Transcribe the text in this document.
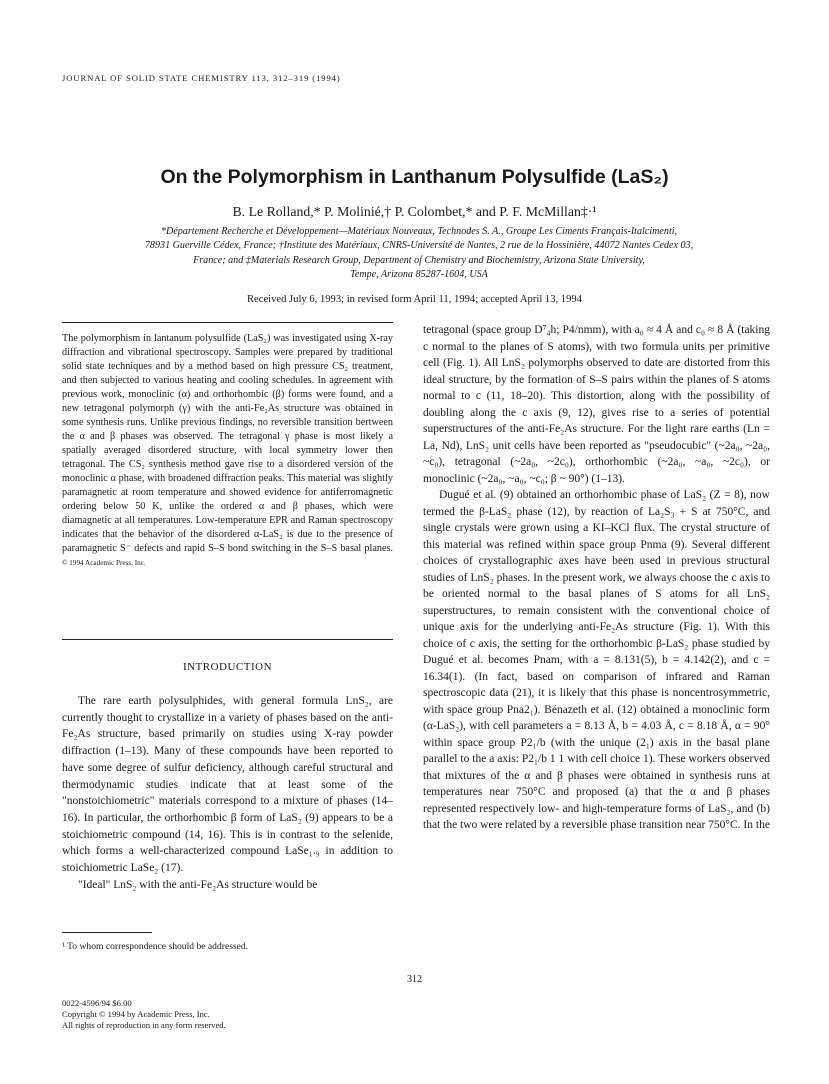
JOURNAL OF SOLID STATE CHEMISTRY 113, 312–319 (1994)
On the Polymorphism in Lanthanum Polysulfide (LaS₂)
B. Le Rolland,* P. Molinié,† P. Colombet,* and P. F. McMillan‡·¹
*Département Recherche et Développement—Matériaux Nouveaux, Technodes S. A., Groupe Les Ciments Français-Italcimenti,
78931 Guerville Cédex, France; †Institute des Matériaux, CNRS-Université de Nantes, 2 rue de la Hossinière, 44072 Nantes Cedex 03,
France; and ‡Materials Research Group, Department of Chemistry and Biochemistry, Arizona State University,
Tempe, Arizona 85287-1604, USA
Received July 6, 1993; in revised form April 11, 1994; accepted April 13, 1994
The polymorphism in lantanum polysulfide (LaS₂) was investigated using X-ray diffraction and vibrational spectroscopy. Samples were prepared by traditional solid state techniques and by a method based on high pressure CS₂ treatment, and then subjected to various heating and cooling schedules. In agreement with previous work, monoclinic (α) and orthorhombic (β) forms were found, and a new tetragonal polymorph (γ) with the anti-Fe₂As structure was obtained in some synthesis runs. Unlike previous findings, no reversible transition bertween the α and β phases was observed. The tetragonal γ phase is most likely a spatially averaged disordered structure, with local symmetry lower then tetragonal. The CS₂ synthesis method gave rise to a disordered version of the monoclinic α phase, with broadened diffraction peaks. This material was slightly paramagnetic at room temperature and showed evidence for antiferromagnetic ordering below 50 K, unlike the ordered α and β phases, which were diamagnetic at all temperatures. Low-temperature EPR and Raman spectroscopy indicates that the behavior of the disordered α-LaS₂ is due to the presence of paramagnetic S⁻ defects and rapid S–S bond switching in the S–S basal planes. © 1994 Academic Press, Inc.
INTRODUCTION

The rare earth polysulphides, with general formula LnS₂, are currently thought to crystallize in a variety of phases based on the anti-Fe₂As structure, based primarily on studies using X-ray powder diffraction (1–13). Many of these compounds have been reported to have some degree of sulfur deficiency, although careful structural and thermodynamic studies indicate that at least some of the "nonstoichiometric" materials correspond to a mixture of phases (14–16). In particular, the orthorhombic β form of LaS₂ (9) appears to be a stoichiometric compound (14, 16). This is in contrast to the selenide, which forms a well-characterized compound LaSe₁.₉ in addition to stoichiometric LaSe₂ (17).

"Ideal" LnS₂ with the anti-Fe₂As structure would be

¹ To whom correspondence should be addressed.

tetragonal (space group D⁷₄h; P4/nmm), with a₀ ≈ 4 Å and c₀ ≈ 8 Å (taking c normal to the planes of S atoms), with two formula units per primitive cell (Fig. 1). All LnS₂ polymorphs observed to date are distorted from this ideal structure, by the formation of S–S pairs within the planes of S atoms normal to c (11, 18–20). This distortion, along with the possibility of doubling along the c axis (9, 12), gives rise to a series of potential superstructures of the anti-Fe₂As structure. For the light rare earths (Ln = La, Nd), LnS₂ unit cells have been reported as "pseudocubic" (~2a₀, ~2a₀, ~c₀), tetragonal (~2a₀, ~2c₀), orthorhombic (~2a₀, ~a₀, ~2c₀), or monoclinic (~2a₀, ~a₀, ~c₀; β ~ 90°) (1–13).

Dugué et al. (9) obtained an orthorhombic phase of LaS₂ (Z = 8), now termed the β-LaS₂ phase (12), by reaction of La₂S₃ + S at 750°C, and single crystals were grown using a KI–KCl flux. The crystal structure of this material was refined within space group Pnma (9). Several different choices of crystallographic axes have been used in previous structural studies of LnS₂ phases. In the present work, we always choose the c axis to be oriented normal to the basal planes of S atoms for all LnS₂ superstructures, to remain consistent with the conventional choice of unique axis for the underlying anti-Fe₂As structure (Fig. 1). With this choice of c axis, the setting for the orthorhombic β-LaS₂ phase studied by Dugué et al. becomes Pnam, with a = 8.131(5), b = 4.142(2), and c = 16.34(1). (In fact, based on comparison of infrared and Raman spectroscopic data (21), it is likely that this phase is noncentrosymmetric, with space group Pna2₁). Bénazeth et al. (12) obtained a monoclinic form (α-LaS₂), with cell parameters a = 8.13 Å, b = 4.03 Å, c = 8.18 Å, α = 90° within space group P2₁/b (with the unique (2₁) axis in the basal plane parallel to the a axis: P2₁/b 1 1 with cell choice 1). These workers observed that mixtures of the α and β phases were obtained in synthesis runs at temperatures near 750°C and proposed (a) that the α and β phases represented respectively low- and high-temperature forms of LaS₂, and (b) that the two were related by a reversible phase transition near 750°C. In the

312
0022-4596/94 $6.00
Copyright © 1994 by Academic Press, Inc.
All rights of reproduction in any form reserved.
